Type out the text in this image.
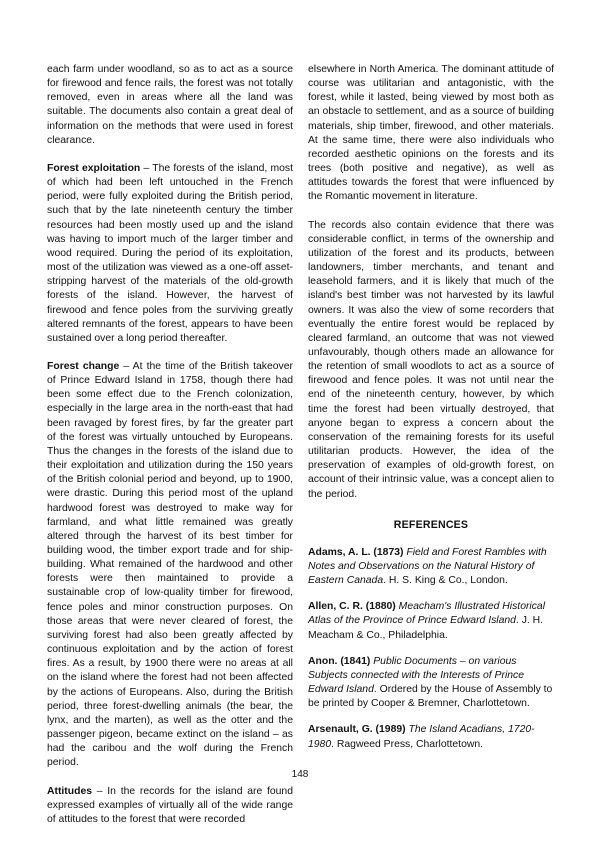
each farm under woodland, so as to act as a source for firewood and fence rails, the forest was not totally removed, even in areas where all the land was suitable. The documents also contain a great deal of information on the methods that were used in forest clearance.

Forest exploitation – The forests of the island, most of which had been left untouched in the French period, were fully exploited during the British period, such that by the late nineteenth century the timber resources had been mostly used up and the island was having to import much of the larger timber and wood required. During the period of its exploitation, most of the utilization was viewed as a one-off asset-stripping harvest of the materials of the old-growth forests of the island. However, the harvest of firewood and fence poles from the surviving greatly altered remnants of the forest, appears to have been sustained over a long period thereafter.

Forest change – At the time of the British takeover of Prince Edward Island in 1758, though there had been some effect due to the French colonization, especially in the large area in the north-east that had been ravaged by forest fires, by far the greater part of the forest was virtually untouched by Europeans. Thus the changes in the forests of the island due to their exploitation and utilization during the 150 years of the British colonial period and beyond, up to 1900, were drastic. During this period most of the upland hardwood forest was destroyed to make way for farmland, and what little remained was greatly altered through the harvest of its best timber for building wood, the timber export trade and for ship-building. What remained of the hardwood and other forests were then maintained to provide a sustainable crop of low-quality timber for firewood, fence poles and minor construction purposes. On those areas that were never cleared of forest, the surviving forest had also been greatly affected by continuous exploitation and by the action of forest fires. As a result, by 1900 there were no areas at all on the island where the forest had not been affected by the actions of Europeans. Also, during the British period, three forest-dwelling animals (the bear, the lynx, and the marten), as well as the otter and the passenger pigeon, became extinct on the island – as had the caribou and the wolf during the French period.

Attitudes – In the records for the island are found expressed examples of virtually all of the wide range of attitudes to the forest that were recorded

elsewhere in North America. The dominant attitude of course was utilitarian and antagonistic, with the forest, while it lasted, being viewed by most both as an obstacle to settlement, and as a source of building materials, ship timber, firewood, and other materials. At the same time, there were also individuals who recorded aesthetic opinions on the forests and its trees (both positive and negative), as well as attitudes towards the forest that were influenced by the Romantic movement in literature.

The records also contain evidence that there was considerable conflict, in terms of the ownership and utilization of the forest and its products, between landowners, timber merchants, and tenant and leasehold farmers, and it is likely that much of the island's best timber was not harvested by its lawful owners. It was also the view of some recorders that eventually the entire forest would be replaced by cleared farmland, an outcome that was not viewed unfavourably, though others made an allowance for the retention of small woodlots to act as a source of firewood and fence poles. It was not until near the end of the nineteenth century, however, by which time the forest had been virtually destroyed, that anyone began to express a concern about the conservation of the remaining forests for its useful utilitarian products. However, the idea of the preservation of examples of old-growth forest, on account of their intrinsic value, was a concept alien to the period.

REFERENCES

Adams, A. L. (1873) Field and Forest Rambles with Notes and Observations on the Natural History of Eastern Canada. H. S. King & Co., London.

Allen, C. R. (1880) Meacham's Illustrated Historical Atlas of the Province of Prince Edward Island. J. H. Meacham & Co., Philadelphia.

Anon. (1841) Public Documents – on various Subjects connected with the Interests of Prince Edward Island. Ordered by the House of Assembly to be printed by Cooper & Bremner, Charlottetown.

Arsenault, G. (1989) The Island Acadians, 1720-1980. Ragweed Press, Charlottetown.

148
